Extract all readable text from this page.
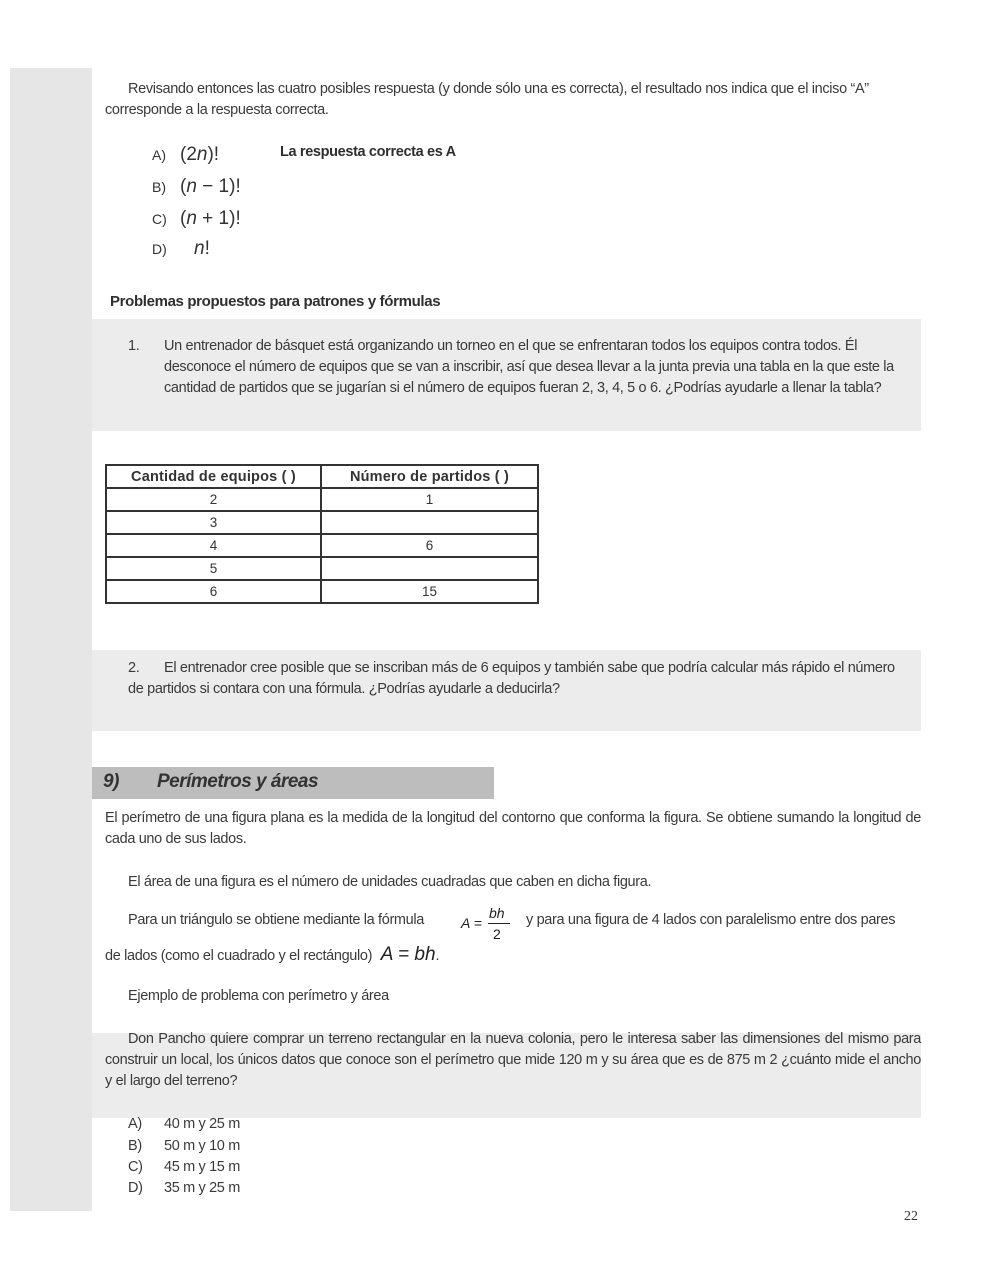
Revisando entonces las cuatro posibles respuesta (y donde sólo una es correcta), el resultado nos indica que el inciso “A” corresponde a la respuesta correcta.

A) (2n)!
B) (n − 1)!
C) (n + 1)!
D) n!
La respuesta correcta es A
Problemas propuestos para patrones y fórmulas
1. Un entrenador de básquet está organizando un torneo en el que se enfrentaran todos los equipos contra todos. Él desconoce el número de equipos que se van a inscribir, así que desea llevar a la junta previa una tabla en la que este la cantidad de partidos que se jugarían si el número de equipos fueran 2, 3, 4, 5 o 6. ¿Podrías ayudarle a llenar la tabla?
Cantidad de equipos ( )	Número de partidos ( )
2	1
3	
4	6
5	
6	15
2. El entrenador cree posible que se inscriban más de 6 equipos y también sabe que podría calcular más rápido el número de partidos si contara con una fórmula. ¿Podrías ayudarle a deducirla?
9) Perímetros y áreas

El perímetro de una figura plana es la medida de la longitud del contorno que conforma la figura. Se obtiene sumando la longitud de cada uno de sus lados.

El área de una figura es el número de unidades cuadradas que caben en dicha figura.

Para un triángulo se obtiene mediante la fórmula	A =
bh
2
y para una figura de 4 lados con paralelismo entre dos pares
de lados (como el cuadrado y el rectángulo) A = bh.
Ejemplo de problema con perímetro y área

Don Pancho quiere comprar un terreno rectangular en la nueva colonia, pero le interesa saber las dimensiones del mismo para construir un local, los únicos datos que conoce son el perímetro que mide 120 m y su área que es de 875 m 2 ¿cuánto mide el ancho y el largo del terreno?

A) 40 m y 25 m
B) 50 m y 10 m
C) 45 m y 15 m
D) 35 m y 25 m
22
